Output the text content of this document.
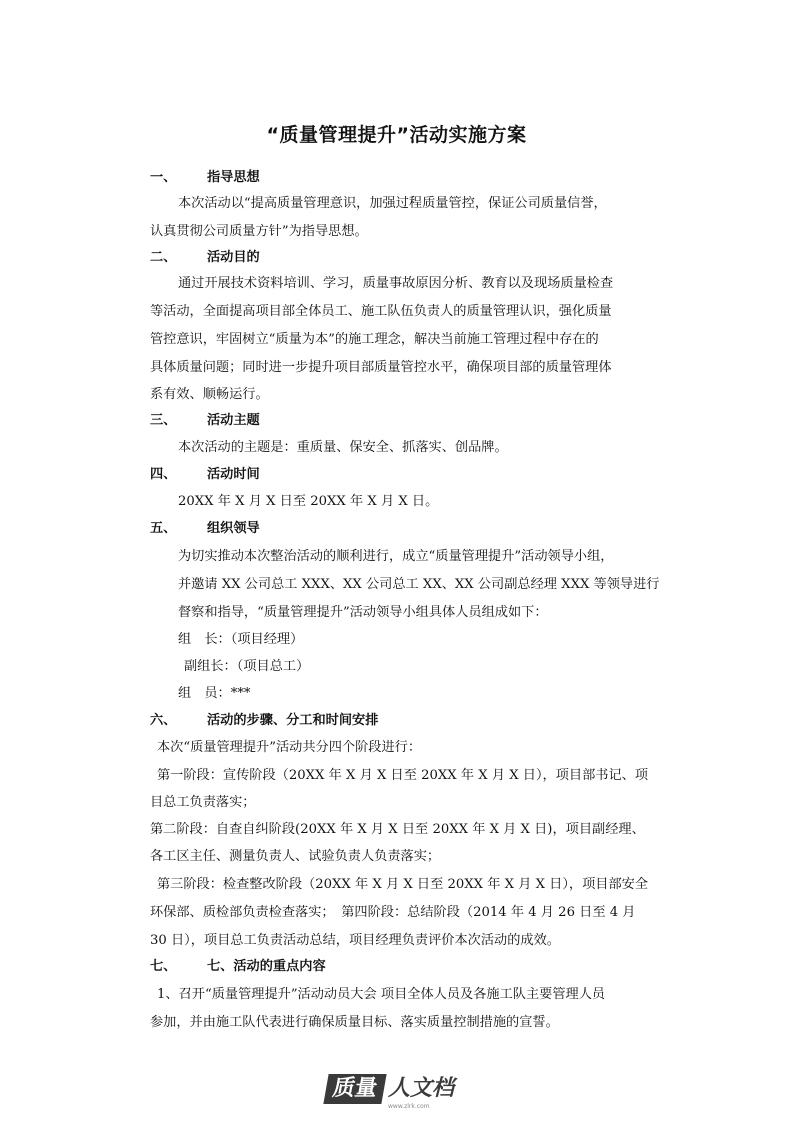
“质量管理提升”活动实施方案
一、 指导思想
本次活动以“提高质量管理意识，加强过程质量管控，保证公司质量信誉，
认真贯彻公司质量方针”为指导思想。
二、 活动目的
通过开展技术资料培训、学习，质量事故原因分析、教育以及现场质量检查
等活动，全面提高项目部全体员工、施工队伍负责人的质量管理认识，强化质量
管控意识，牢固树立“质量为本”的施工理念，解决当前施工管理过程中存在的
具体质量问题；同时进一步提升项目部质量管控水平，确保项目部的质量管理体
系有效、顺畅运行。
三、 活动主题
本次活动的主题是：重质量、保安全、抓落实、创品牌。
四、 活动时间
20XX 年 X 月 X 日至 20XX 年 X 月 X 日。
五、 组织领导
为切实推动本次整治活动的顺利进行，成立“质量管理提升”活动领导小组，
并邀请 XX 公司总工 XXX、XX 公司总工 XX、XX 公司副总经理 XXX 等领导进行
督察和指导，“质量管理提升”活动领导小组具体人员组成如下：
组　长：（项目经理）
副组长：（项目总工）
组　员：***
六、 活动的步骤、分工和时间安排
本次“质量管理提升”活动共分四个阶段进行：
第一阶段：宣传阶段（20XX 年 X 月 X 日至 20XX 年 X 月 X 日），项目部书记、项
目总工负责落实；
第二阶段：自查自纠阶段(20XX 年 X 月 X 日至 20XX 年 X 月 X 日)，项目副经理、
各工区主任、测量负责人、试验负责人负责落实；
第三阶段：检查整改阶段（20XX 年 X 月 X 日至 20XX 年 X 月 X 日），项目部安全
环保部、质检部负责检查落实；　第四阶段：总结阶段（2014 年 4 月 26 日至 4 月
30 日），项目总工负责活动总结，项目经理负责评价本次活动的成效。
七、 七、活动的重点内容
1、召开“质量管理提升”活动动员大会 项目全体人员及各施工队主要管理人员
参加，并由施工队代表进行确保质量目标、落实质量控制措施的宣誓。
质量 人文档
www.zlrk.com
